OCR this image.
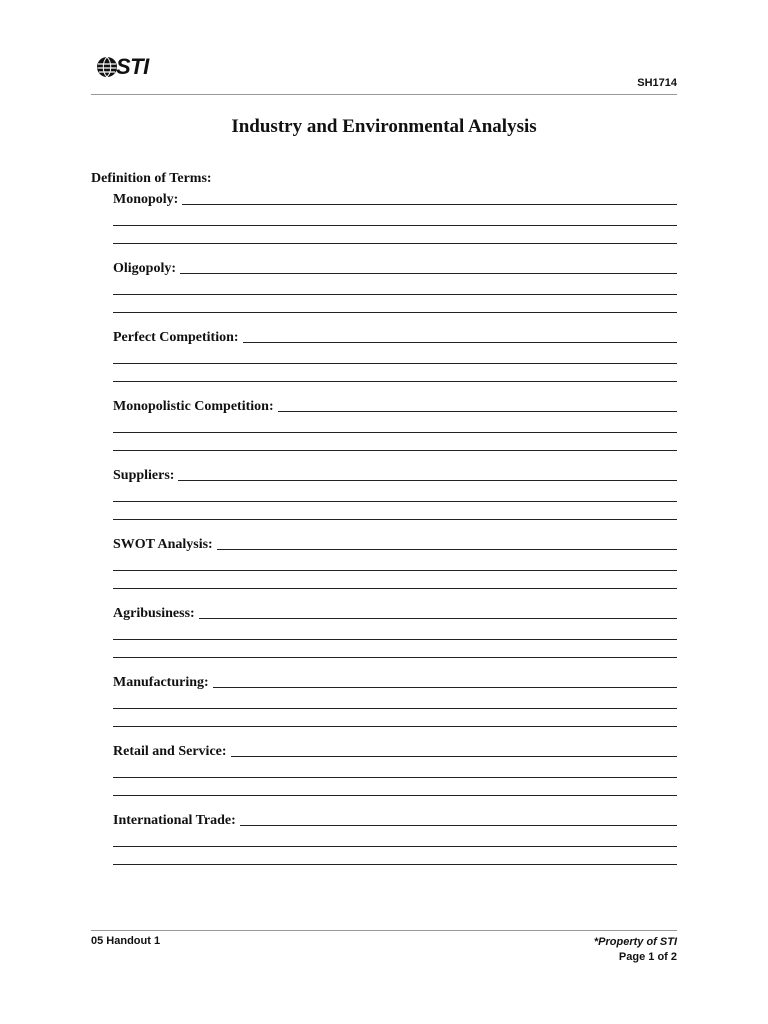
STI
SH1714
Industry and Environmental Analysis
Definition of Terms:
Monopoly:
Oligopoly:
Perfect Competition:
Monopolistic Competition:
Suppliers:
SWOT Analysis:
Agribusiness:
Manufacturing:
Retail and Service:
International Trade:
05 Handout 1	*Property of STI
Page 1 of 2
